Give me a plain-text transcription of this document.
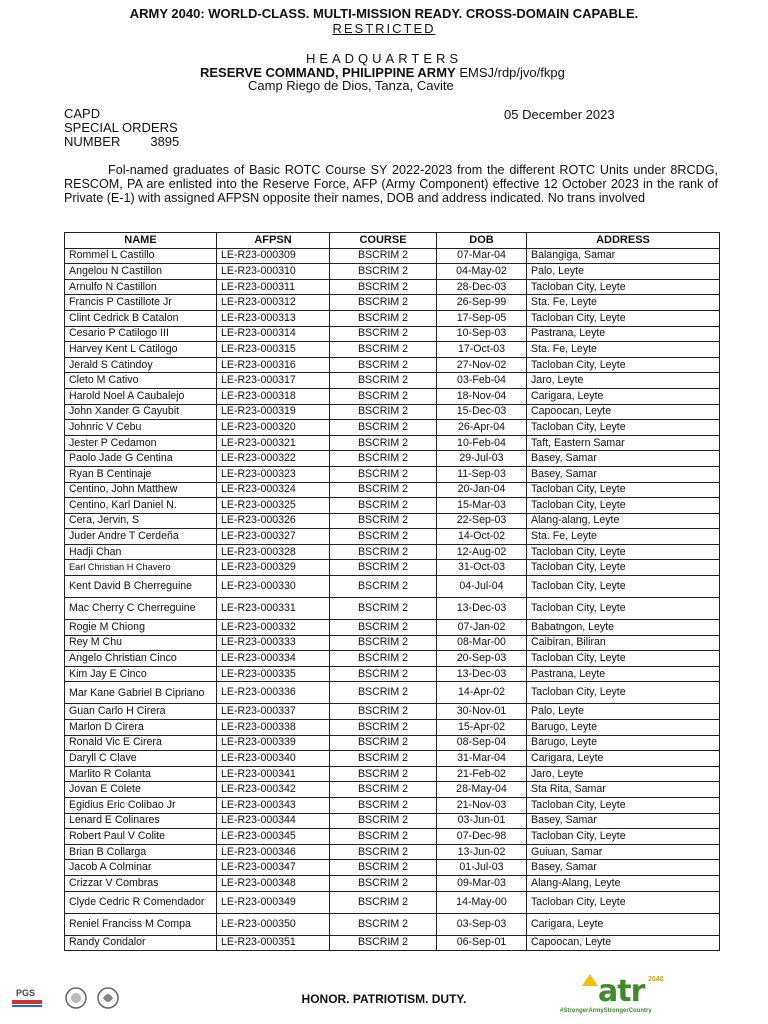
ARMY 2040: WORLD-CLASS. MULTI-MISSION READY. CROSS-DOMAIN CAPABLE.
RESTRICTED
HEADQUARTERS
RESERVE COMMAND, PHILIPPINE ARMY EMSJ/rdp/jvo/fkpg
Camp Riego de Dios, Tanza, Cavite
CAPD
SPECIAL ORDERS
NUMBER 3895
05 December 2023
Fol-named graduates of Basic ROTC Course SY 2022-2023 from the different ROTC Units under 8RCDG, RESCOM, PA are enlisted into the Reserve Force, AFP (Army Component) effective 12 October 2023 in the rank of Private (E-1) with assigned AFPSN opposite their names, DOB and address indicated. No trans involved
NAME	AFPSN	COURSE	DOB	ADDRESS
Rommel L Castillo	LE-R23-000309	BSCRIM 2	07-Mar-04	Balangiga, Samar
Angelou N Castillon	LE-R23-000310	BSCRIM 2	04-May-02	Palo, Leyte
Arnulfo N Castillon	LE-R23-000311	BSCRIM 2	28-Dec-03	Tacloban City, Leyte
Francis P Castillote Jr	LE-R23-000312	BSCRIM 2	26-Sep-99	Sta. Fe, Leyte
Clint Cedrick B Catalon	LE-R23-000313	BSCRIM 2	17-Sep-05	Tacloban City, Leyte
Cesario P Catilogo III	LE-R23-000314	BSCRIM 2	10-Sep-03	Pastrana, Leyte
Harvey Kent L Catilogo	LE-R23-000315	BSCRIM 2	17-Oct-03	Sta. Fe, Leyte
Jerald S Catindoy	LE-R23-000316	BSCRIM 2	27-Nov-02	Tacloban City, Leyte
Cleto M Cativo	LE-R23-000317	BSCRIM 2	03-Feb-04	Jaro, Leyte
Harold Noel A Caubalejo	LE-R23-000318	BSCRIM 2	18-Nov-04	Carigara, Leyte
John Xander G Cayubit	LE-R23-000319	BSCRIM 2	15-Dec-03	Capoocan, Leyte
Johnric V Cebu	LE-R23-000320	BSCRIM 2	26-Apr-04	Tacloban City, Leyte
Jester P Cedamon	LE-R23-000321	BSCRIM 2	10-Feb-04	Taft, Eastern Samar
Paolo Jade G Centina	LE-R23-000322	BSCRIM 2	29-Jul-03	Basey, Samar
Ryan B Centinaje	LE-R23-000323	BSCRIM 2	11-Sep-03	Basey, Samar
Centino, John Matthew	LE-R23-000324	BSCRIM 2	20-Jan-04	Tacloban City, Leyte
Centino, Karl Daniel N.	LE-R23-000325	BSCRIM 2	15-Mar-03	Tacloban City, Leyte
Cera, Jervin, S	LE-R23-000326	BSCRIM 2	22-Sep-03	Alang-alang, Leyte
Juder Andre T Cerdeña	LE-R23-000327	BSCRIM 2	14-Oct-02	Sta. Fe, Leyte
Hadji Chan	LE-R23-000328	BSCRIM 2	12-Aug-02	Tacloban City, Leyte
Earl Christian H Chavero	LE-R23-000329	BSCRIM 2	31-Oct-03	Tacloban City, Leyte
Kent David B Cherreguine	LE-R23-000330	BSCRIM 2	04-Jul-04	Tacloban City, Leyte
Mac Cherry C Cherreguine	LE-R23-000331	BSCRIM 2	13-Dec-03	Tacloban City, Leyte
Rogie M Chiong	LE-R23-000332	BSCRIM 2	07-Jan-02	Babatngon, Leyte
Rey M Chu	LE-R23-000333	BSCRIM 2	08-Mar-00	Caibiran, Biliran
Angelo Christian Cinco	LE-R23-000334	BSCRIM 2	20-Sep-03	Tacloban City, Leyte
Kim Jay E Cinco	LE-R23-000335	BSCRIM 2	13-Dec-03	Pastrana, Leyte
Mar Kane Gabriel B Cipriano	LE-R23-000336	BSCRIM 2	14-Apr-02	Tacloban City, Leyte
Guan Carlo H Cirera	LE-R23-000337	BSCRIM 2	30-Nov-01	Palo, Leyte
Marlon D Cirera	LE-R23-000338	BSCRIM 2	15-Apr-02	Barugo, Leyte
Ronald Vic E Cirera	LE-R23-000339	BSCRIM 2	08-Sep-04	Barugo, Leyte
Daryll C Clave	LE-R23-000340	BSCRIM 2	31-Mar-04	Carigara, Leyte
Marlito R Colanta	LE-R23-000341	BSCRIM 2	21-Feb-02	Jaro, Leyte
Jovan E Colete	LE-R23-000342	BSCRIM 2	28-May-04	Sta Rita, Samar
Egidius Eric Colibao Jr	LE-R23-000343	BSCRIM 2	21-Nov-03	Tacloban City, Leyte
Lenard E Colinares	LE-R23-000344	BSCRIM 2	03-Jun-01	Basey, Samar
Robert Paul V Colite	LE-R23-000345	BSCRIM 2	07-Dec-98	Tacloban City, Leyte
Brian B Collarga	LE-R23-000346	BSCRIM 2	13-Jun-02	Guiuan, Samar
Jacob A Colminar	LE-R23-000347	BSCRIM 2	01-Jul-03	Basey, Samar
Crizzar V Combras	LE-R23-000348	BSCRIM 2	09-Mar-03	Alang-Alang, Leyte
Clyde Cedric R Comendador	LE-R23-000349	BSCRIM 2	14-May-00	Tacloban City, Leyte
Reniel Franciss M Compa	LE-R23-000350	BSCRIM 2	03-Sep-03	Carigara, Leyte
Randy Condalor	LE-R23-000351	BSCRIM 2	06-Sep-01	Capoocan, Leyte
PGS	HONOR. PATRIOTISM. DUTY.	atr 2040
#StrongerArmyStrongerCountry
